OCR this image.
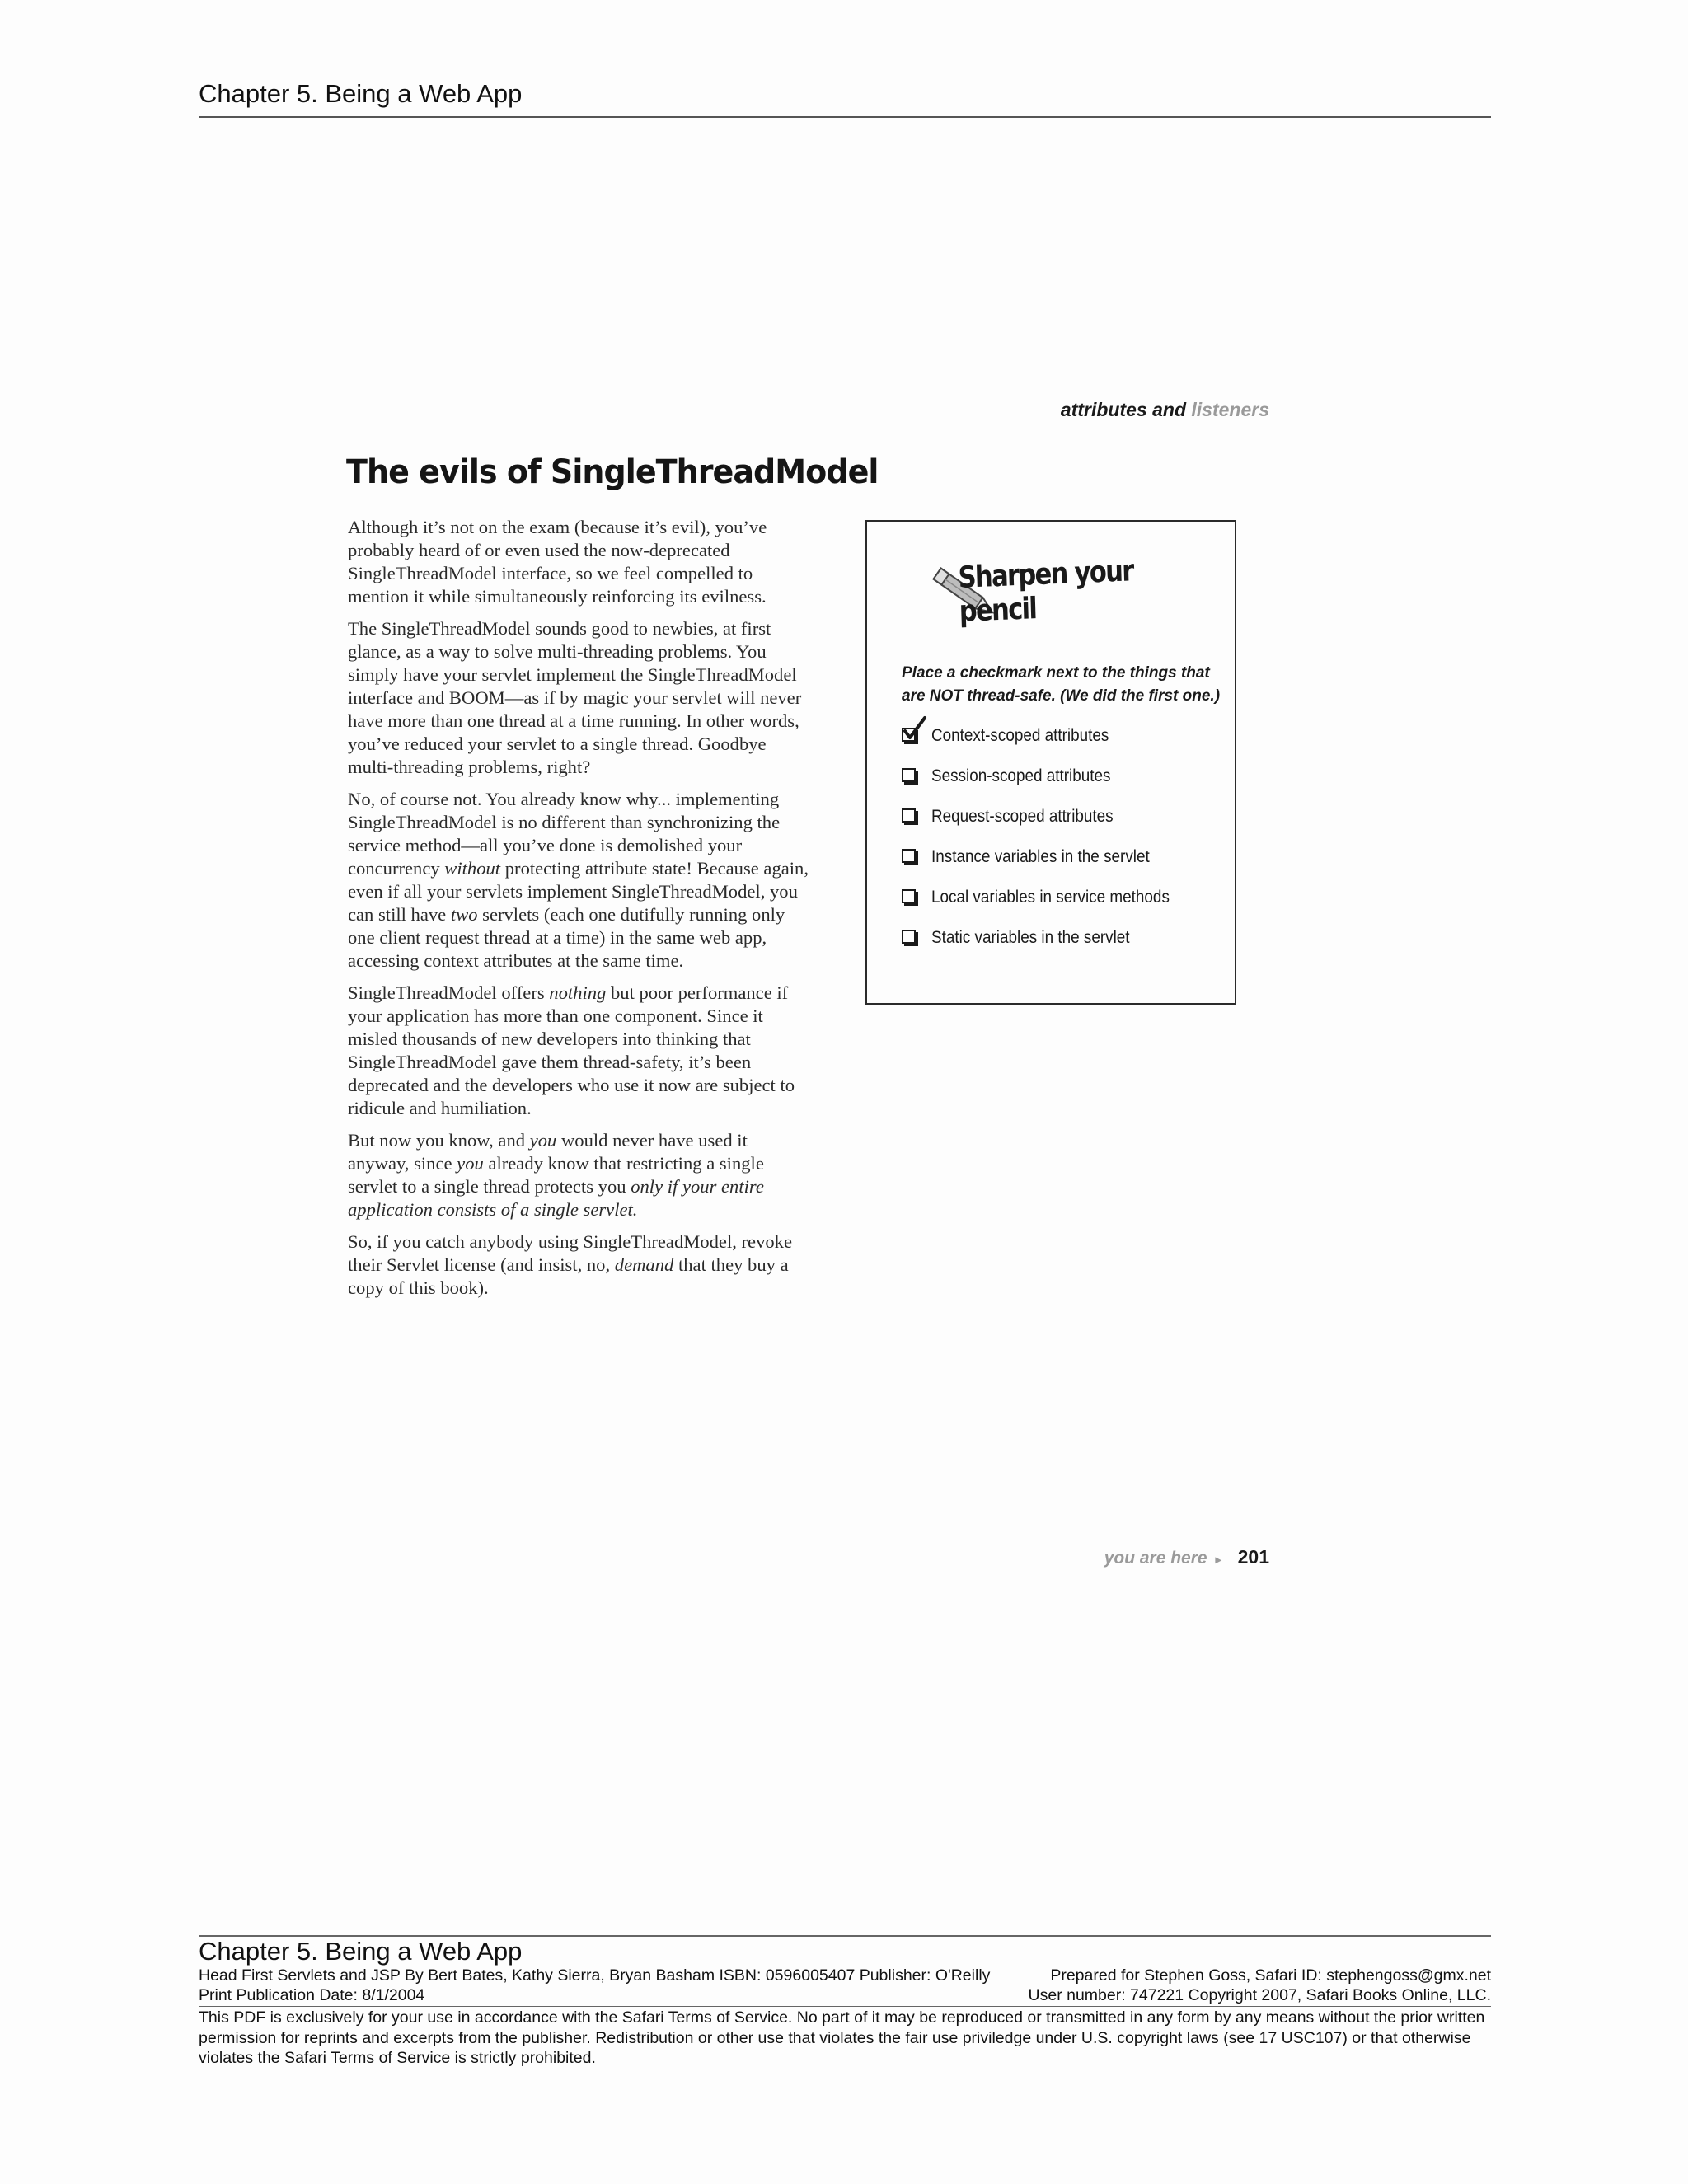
Chapter 5. Being a Web App
attributes and listeners
The evils of SingleThreadModel

Although it’s not on the exam (because it’s evil), you’ve probably heard of or even used the now-deprecated SingleThreadModel interface, so we feel compelled to mention it while simultaneously reinforcing its evilness.

The SingleThreadModel sounds good to newbies, at first glance, as a way to solve multi-threading problems. You simply have your servlet implement the SingleThreadModel interface and BOOM—as if by magic your servlet will never have more than one thread at a time running. In other words, you’ve reduced your servlet to a single thread. Goodbye multi-threading problems, right?

No, of course not. You already know why... implementing SingleThreadModel is no different than synchronizing the service method—all you’ve done is demolished your concurrency without protecting attribute state! Because again, even if all your servlets implement SingleThreadModel, you can still have two servlets (each one dutifully running only one client request thread at a time) in the same web app, accessing context attributes at the same time.

SingleThreadModel offers nothing but poor performance if your application has more than one component. Since it misled thousands of new developers into thinking that SingleThreadModel gave them thread-safety, it’s been deprecated and the developers who use it now are subject to ridicule and humiliation.

But now you know, and you would never have used it anyway, since you already know that restricting a single servlet to a single thread protects you only if your entire application consists of a single servlet.

So, if you catch anybody using SingleThreadModel, revoke their Servlet license (and insist, no, demand that they buy a copy of this book).

Sharpen your pencil
Place a checkmark next to the things that are NOT thread-safe. (We did the first one.)
Context-scoped attributes
Session-scoped attributes
Request-scoped attributes
Instance variables in the servlet
Local variables in service methods
Static variables in the servlet
you are here ▸ 201
Chapter 5. Being a Web App
Head First Servlets and JSP By Bert Bates, Kathy Sierra, Bryan Basham ISBN: 0596005407 Publisher: O'Reilly	Prepared for Stephen Goss, Safari ID: stephengoss@gmx.net
Print Publication Date: 8/1/2004	User number: 747221 Copyright 2007, Safari Books Online, LLC.
This PDF is exclusively for your use in accordance with the Safari Terms of Service. No part of it may be reproduced or transmitted in any form by any means without the prior written permission for reprints and excerpts from the publisher. Redistribution or other use that violates the fair use priviledge under U.S. copyright laws (see 17 USC107) or that otherwise violates the Safari Terms of Service is strictly prohibited.
